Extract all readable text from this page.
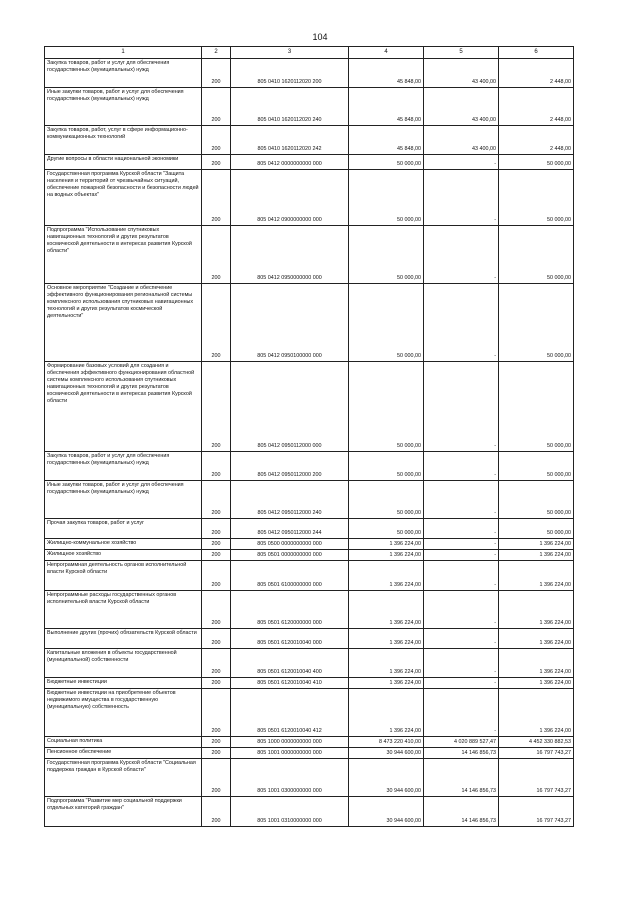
104
1	2	3	4	5	6
Закупка товаров, работ и услуг для обеспечения государственных (муниципальных) нужд	200	805 0410 1620112020 200	45 848,00	43 400,00	2 448,00
Иные закупки товаров, работ и услуг для обеспечения государственных (муниципальных) нужд	200	805 0410 1620112020 240	45 848,00	43 400,00	2 448,00
Закупка товаров, работ, услуг в сфере информационно-коммуникационных технологий	200	805 0410 1620112020 242	45 848,00	43 400,00	2 448,00
Другие вопросы в области национальной экономики	200	805 0412 0000000000 000	50 000,00	-	50 000,00
Государственная программа Курской области "Защита населения и территорий от чрезвычайных ситуаций, обеспечение пожарной безопасности и безопасности людей на водных объектах"	200	805 0412 0900000000 000	50 000,00	-	50 000,00
Подпрограмма "Использование спутниковых навигационных технологий и других результатов космической деятельности в интересах развития Курской области"	200	805 0412 0950000000 000	50 000,00	-	50 000,00
Основное мероприятие "Создание и обеспечение эффективного функционирования региональной системы комплексного использования спутниковых навигационных технологий и других результатов космической деятельности"	200	805 0412 0950100000 000	50 000,00	-	50 000,00
Формирование базовых условий для создания и обеспечения эффективного функционирования областной системы комплексного использования спутниковых навигационных технологий и других результатов космической деятельности в интересах развития Курской области	200	805 0412 0950112000 000	50 000,00	-	50 000,00
Закупка товаров, работ и услуг для обеспечения государственных (муниципальных) нужд	200	805 0412 0950112000 200	50 000,00	-	50 000,00
Иные закупки товаров, работ и услуг для обеспечения государственных (муниципальных) нужд	200	805 0412 0950112000 240	50 000,00	-	50 000,00
Прочая закупка товаров, работ и услуг	200	805 0412 0950112000 244	50 000,00	-	50 000,00
Жилищно-коммунальное хозяйство	200	805 0500 0000000000 000	1 396 224,00	-	1 396 224,00
Жилищное хозяйство	200	805 0501 0000000000 000	1 396 224,00	-	1 396 224,00
Непрограммная деятельность органов исполнительной власти Курской области	200	805 0501 6100000000 000	1 396 224,00	-	1 396 224,00
Непрограммные расходы государственных органов исполнительной власти Курской области	200	805 0501 6120000000 000	1 396 224,00	-	1 396 224,00
Выполнение других (прочих) обязательств Курской области	200	805 0501 6120010040 000	1 396 224,00	-	1 396 224,00
Капитальные вложения в объекты государственной (муниципальной) собственности	200	805 0501 6120010040 400	1 396 224,00	-	1 396 224,00
Бюджетные инвестиции	200	805 0501 6120010040 410	1 396 224,00	-	1 396 224,00
Бюджетные инвестиции на приобретение объектов недвижимого имущества в государственную (муниципальную) собственность	200	805 0501 6120010040 412	1 396 224,00	-	1 396 224,00
Социальная политика	200	805 1000 0000000000 000	8 473 220 410,00	4 020 889 527,47	4 452 330 882,53
Пенсионное обеспечение	200	805 1001 0000000000 000	30 944 600,00	14 146 856,73	16 797 743,27
Государственная программа Курской области "Социальная поддержка граждан в Курской области"	200	805 1001 0300000000 000	30 944 600,00	14 146 856,73	16 797 743,27
Подпрограмма "Развитие мер социальной поддержки отдельных категорий граждан"	200	805 1001 0310000000 000	30 944 600,00	14 146 856,73	16 797 743,27
